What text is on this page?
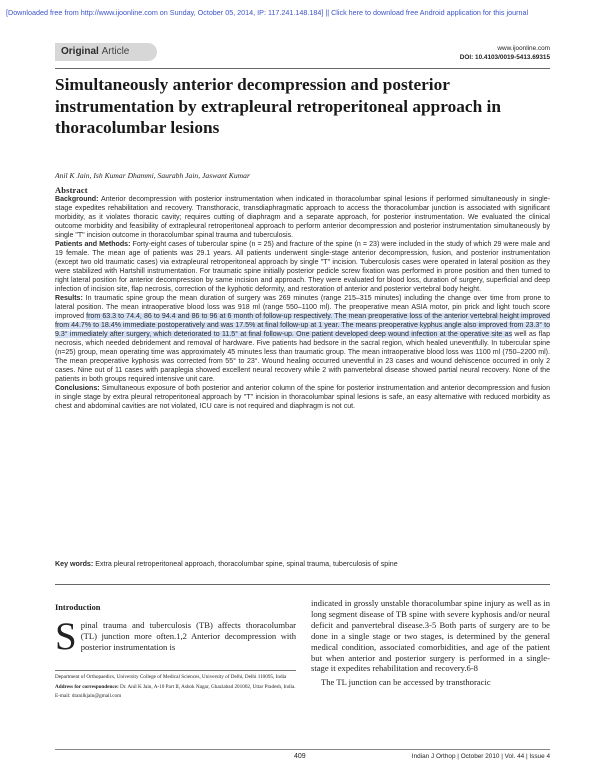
[Downloaded free from http://www.ijoonline.com on Sunday, October 05, 2014, IP: 117.241.148.184] || Click here to download free Android application for this journal
Original Article	www.ijoonline.com
DOI: 10.4103/0019-5413.69315
Simultaneously anterior decompression and posterior instrumentation by extrapleural retroperitoneal approach in thoracolumbar lesions
Anil K Jain, Ish Kumar Dhammi, Saurabh Jain, Jaswant Kumar
Abstract

Background: Anterior decompression with posterior instrumentation when indicated in thoracolumbar spinal lesions if performed simultaneously in single-stage expedites rehabilitation and recovery. Transthoracic, transdiaphragmatic approach to access the thoracolumbar junction is associated with significant morbidity, as it violates thoracic cavity; requires cutting of diaphragm and a separate approach, for posterior instrumentation. We evaluated the clinical outcome morbidity and feasibility of extrapleural retroperitoneal approach to perform anterior decompression and posterior instrumentation simultaneously by single "T" incision outcome in thoracolumbar spinal trauma and tuberculosis.

Patients and Methods: Forty-eight cases of tubercular spine (n = 25) and fracture of the spine (n = 23) were included in the study of which 29 were male and 19 female. The mean age of patients was 29.1 years. All patients underwent single-stage anterior decompression, fusion, and posterior instrumentation (except two old traumatic cases) via extrapleural retroperitoneal approach by single "T" incision. Tuberculosis cases were operated in lateral position as they were stabilized with Hartshill instrumentation. For traumatic spine initially posterior pedicle screw fixation was performed in prone position and then turned to right lateral position for anterior decompression by same incision and approach. They were evaluated for blood loss, duration of surgery, superficial and deep infection of incision site, flap necrosis, correction of the kyphotic deformity, and restoration of anterior and posterior vertebral body height.

Results: In traumatic spine group the mean duration of surgery was 269 minutes (range 215–315 minutes) including the change over time from prone to lateral position. The mean intraoperative blood loss was 918 ml (range 550–1100 ml). The preoperative mean ASIA motor, pin prick and light touch score improved from 63.3 to 74.4, 86 to 94.4 and 86 to 96 at 6 month of follow-up respectively. The mean preoperative loss of the anterior vertebral height improved from 44.7% to 18.4% immediate postoperatively and was 17.5% at final follow-up at 1 year. The means preoperative kyphus angle also improved from 23.3° to 9.3° immediately after surgery, which deteriorated to 11.5° at final follow-up. One patient developed deep wound infection at the operative site as well as flap necrosis, which needed debridement and removal of hardware. Five patients had bedsore in the sacral region, which healed uneventfully. In tubercular spine (n=25) group, mean operating time was approximately 45 minutes less than traumatic group. The mean intraoperative blood loss was 1100 ml (750–2200 ml). The mean preoperative kyphosis was corrected from 55° to 23°. Wound healing occurred uneventful in 23 cases and wound dehiscence occurred in only 2 cases. Nine out of 11 cases with paraplegia showed excellent neural recovery while 2 with panvertebral disease showed partial neural recovery. None of the patients in both groups required intensive unit care.

Conclusions: Simultaneous exposure of both posterior and anterior column of the spine for posterior instrumentation and anterior decompression and fusion in single stage by extra pleural retroperitoneal approach by "T" incision in thoracolumbar spinal lesions is safe, an easy alternative with reduced morbidity as chest and abdominal cavities are not violated, ICU care is not required and diaphragm is not cut.

Key words: Extra pleural retroperitoneal approach, thoracolumbar spine, spinal trauma, tuberculosis of spine
Introduction
S pinal trauma and tuberculosis (TB) affects thoracolumbar (TL) junction more often.1,2 Anterior decompression with posterior instrumentation is

Department of Orthopaedics, University College of Medical Sciences, University of Delhi, Delhi 110095, India

Address for correspondence: Dr. Anil K Jain, A-10 Part II, Ashok Nagar, Ghaziabad 201002, Uttar Pradesh, India.

E-mail: dranilkjain@gmail.com

indicated in grossly unstable thoracolumbar spine injury as well as in long segment disease of TB spine with severe kyphosis and/or neural deficit and panvertebral disease.3-5 Both parts of surgery are to be done in a single stage or two stages, is determined by the general medical condition, associated comorbidities, and age of the patient but when anterior and posterior surgery is performed in a single-stage it expedites rehabilitation and recovery.6-8

The TL junction can be accessed by transthoracic

409	Indian J Orthop | October 2010 | Vol. 44 | Issue 4
